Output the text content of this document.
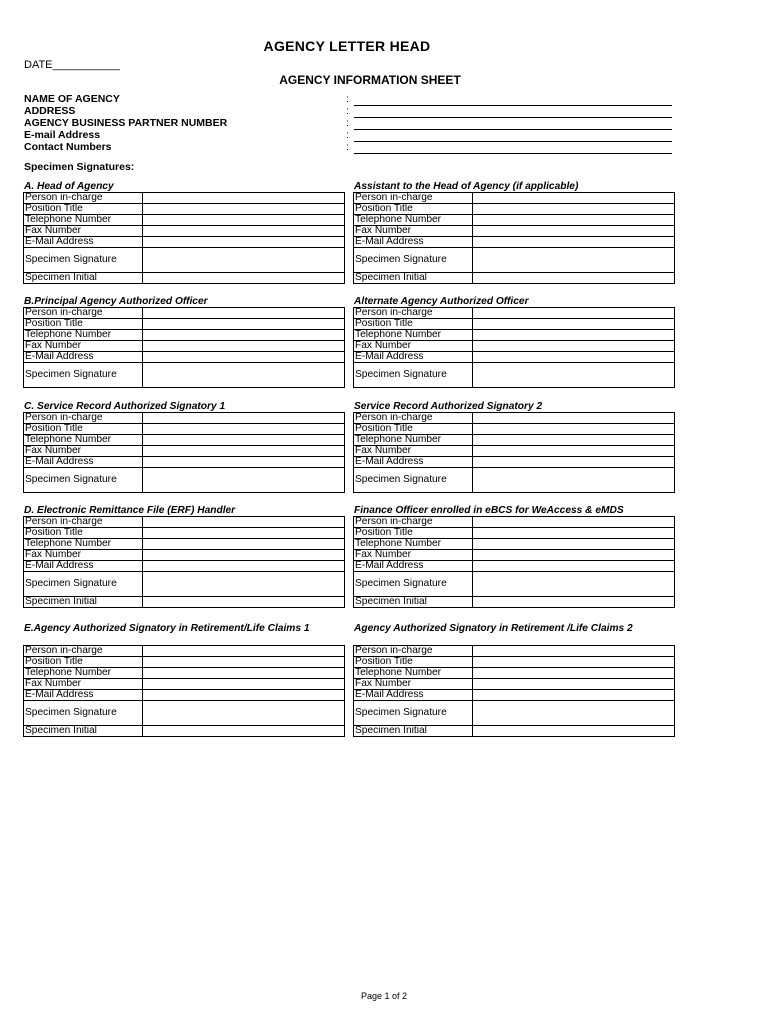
AGENCY LETTER HEAD
DATE___________
AGENCY INFORMATION SHEET
NAME OF AGENCY	:
ADDRESS	:
AGENCY BUSINESS PARTNER NUMBER	:
E-mail Address	:
Contact Numbers	:
Specimen Signatures:
A. Head of Agency
Person in-charge	
Position Title	
Telephone Number	
Fax Number	
E-Mail Address	
Specimen Signature	
Specimen Initial	
Assistant to the Head of Agency (if applicable)
Person in-charge	
Position Title	
Telephone Number	
Fax Number	
E-Mail Address	
Specimen Signature	
Specimen Initial	
B.Principal Agency Authorized Officer
Person in-charge	
Position Title	
Telephone Number	
Fax Number	
E-Mail Address	
Specimen Signature	
Alternate Agency Authorized Officer
Person in-charge	
Position Title	
Telephone Number	
Fax Number	
E-Mail Address	
Specimen Signature	
C. Service Record Authorized Signatory 1
Person in-charge	
Position Title	
Telephone Number	
Fax Number	
E-Mail Address	
Specimen Signature	
Service Record Authorized Signatory 2
Person in-charge	
Position Title	
Telephone Number	
Fax Number	
E-Mail Address	
Specimen Signature	
D. Electronic Remittance File (ERF) Handler
Person in-charge	
Position Title	
Telephone Number	
Fax Number	
E-Mail Address	
Specimen Signature	
Specimen Initial	
Finance Officer enrolled in eBCS for WeAccess & eMDS
Person in-charge	
Position Title	
Telephone Number	
Fax Number	
E-Mail Address	
Specimen Signature	
Specimen Initial	
E.Agency Authorized Signatory in Retirement/Life Claims 1
Person in-charge	
Position Title	
Telephone Number	
Fax Number	
E-Mail Address	
Specimen Signature	
Specimen Initial	
Agency Authorized Signatory in Retirement /Life Claims 2
Person in-charge	
Position Title	
Telephone Number	
Fax Number	
E-Mail Address	
Specimen Signature	
Specimen Initial	
Page 1 of 2
